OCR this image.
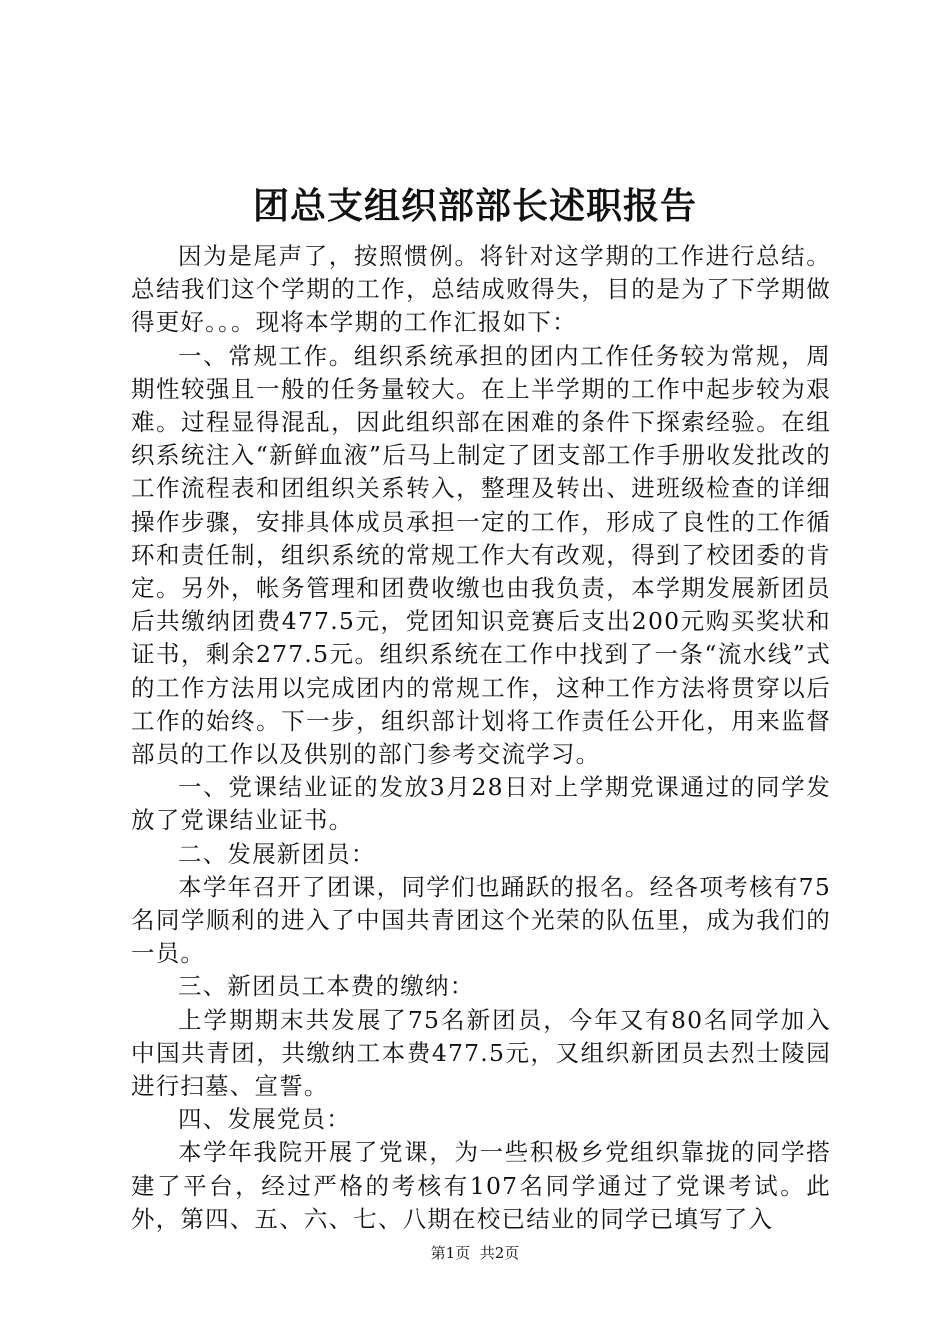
团总支组织部部长述职报告

因为是尾声了，按照惯例。将针对这学期的工作进行总结。总结我们这个学期的工作，总结成败得失，目的是为了下学期做得更好。。。现将本学期的工作汇报如下：

一、常规工作。组织系统承担的团内工作任务较为常规，周期性较强且一般的任务量较大。在上半学期的工作中起步较为艰难。过程显得混乱，因此组织部在困难的条件下探索经验。在组织系统注入“新鲜血液”后马上制定了团支部工作手册收发批改的工作流程表和团组织关系转入，整理及转出、进班级检查的详细操作步骤，安排具体成员承担一定的工作，形成了良性的工作循环和责任制，组织系统的常规工作大有改观，得到了校团委的肯定。另外，帐务管理和团费收缴也由我负责，本学期发展新团员后共缴纳团费477.5元，党团知识竞赛后支出200元购买奖状和证书，剩余277.5元。组织系统在工作中找到了一条“流水线”式的工作方法用以完成团内的常规工作，这种工作方法将贯穿以后工作的始终。下一步，组织部计划将工作责任公开化，用来监督部员的工作以及供别的部门参考交流学习。

一、党课结业证的发放3月28日对上学期党课通过的同学发放了党课结业证书。

二、发展新团员：

本学年召开了团课，同学们也踊跃的报名。经各项考核有75名同学顺利的进入了中国共青团这个光荣的队伍里，成为我们的一员。

三、新团员工本费的缴纳：

上学期期末共发展了75名新团员，今年又有80名同学加入中国共青团，共缴纳工本费477.5元，又组织新团员去烈士陵园进行扫墓、宣誓。

四、发展党员：

本学年我院开展了党课，为一些积极乡党组织靠拢的同学搭建了平台，经过严格的考核有107名同学通过了党课考试。此外，第四、五、六、七、八期在校已结业的同学已填写了入

第1页 共2页
